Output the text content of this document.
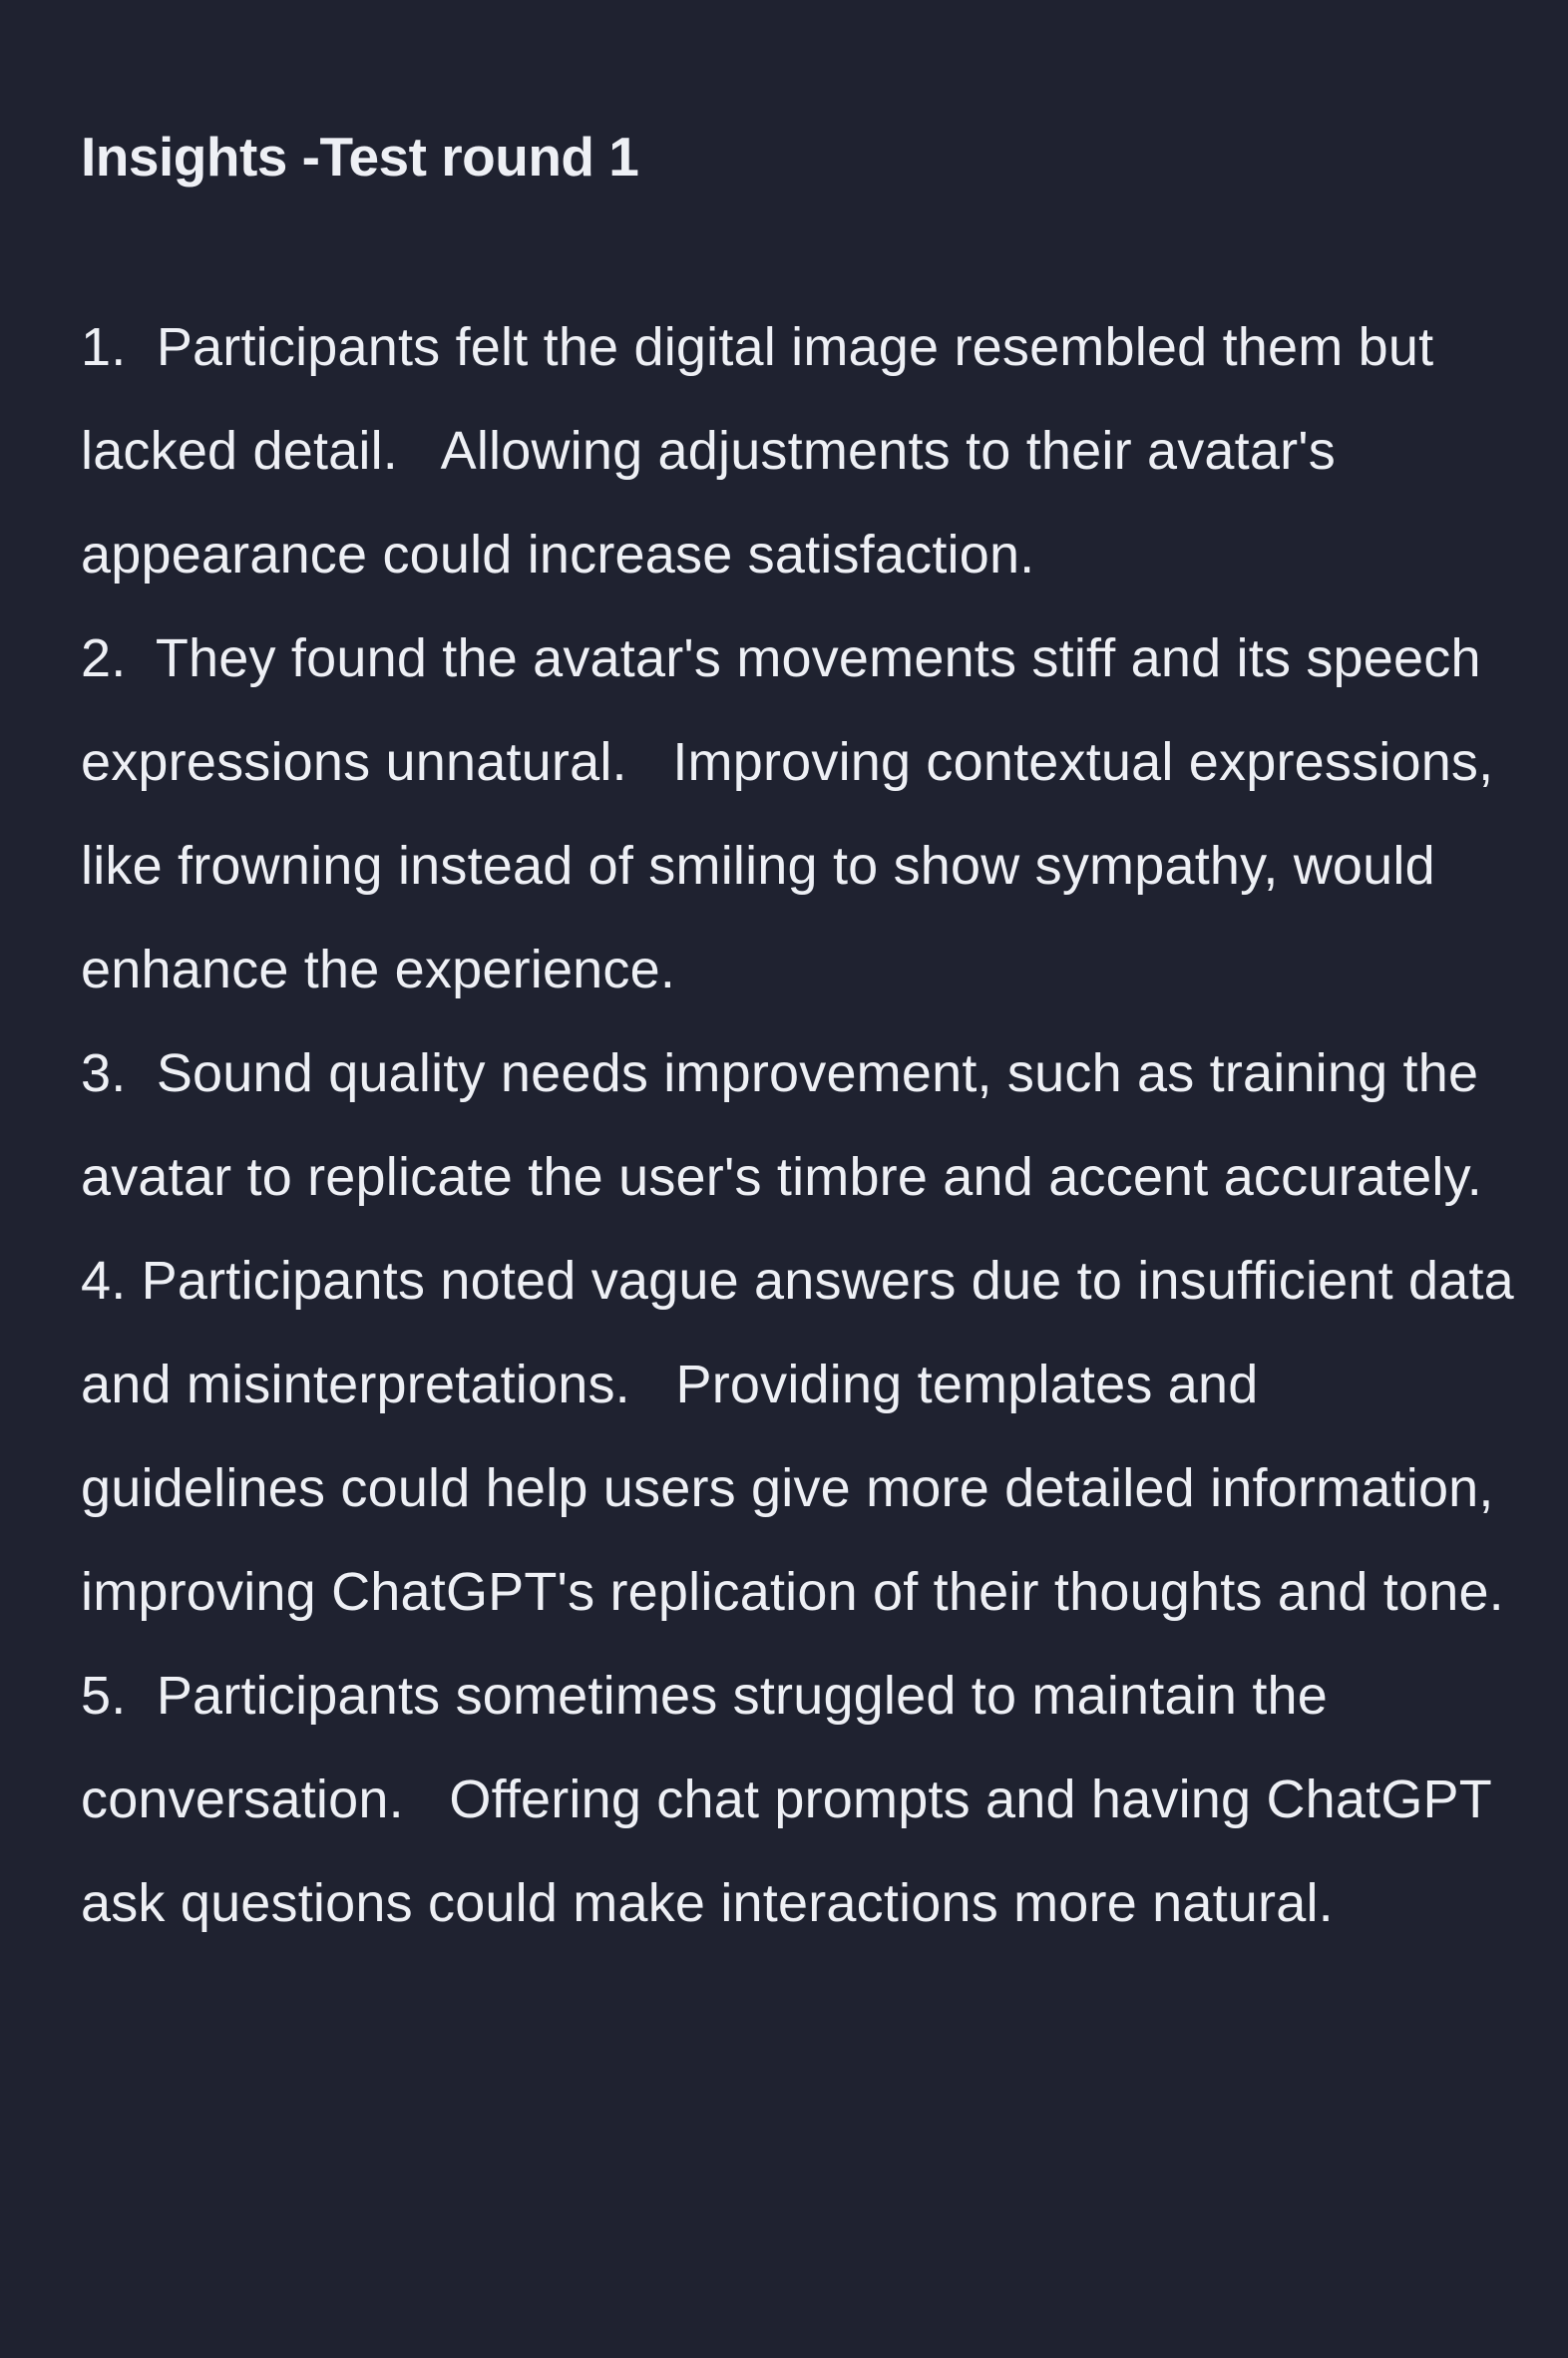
Insights -Test round 1

1.  Participants felt the digital image resembled them but lacked detail.   Allowing adjustments to their avatar's appearance could increase satisfaction.

2.  They found the avatar's movements stiff and its speech expressions unnatural.   Improving contextual expressions, like frowning instead of smiling to show sympathy, would enhance the experience.

3.  Sound quality needs improvement, such as training the avatar to replicate the user's timbre and accent accurately.

4. Participants noted vague answers due to insufficient data and misinterpretations.   Providing templates and guidelines could help users give more detailed information, improving ChatGPT's replication of their thoughts and tone.

5.  Participants sometimes struggled to maintain the conversation.   Offering chat prompts and having ChatGPT ask questions could make interactions more natural.
